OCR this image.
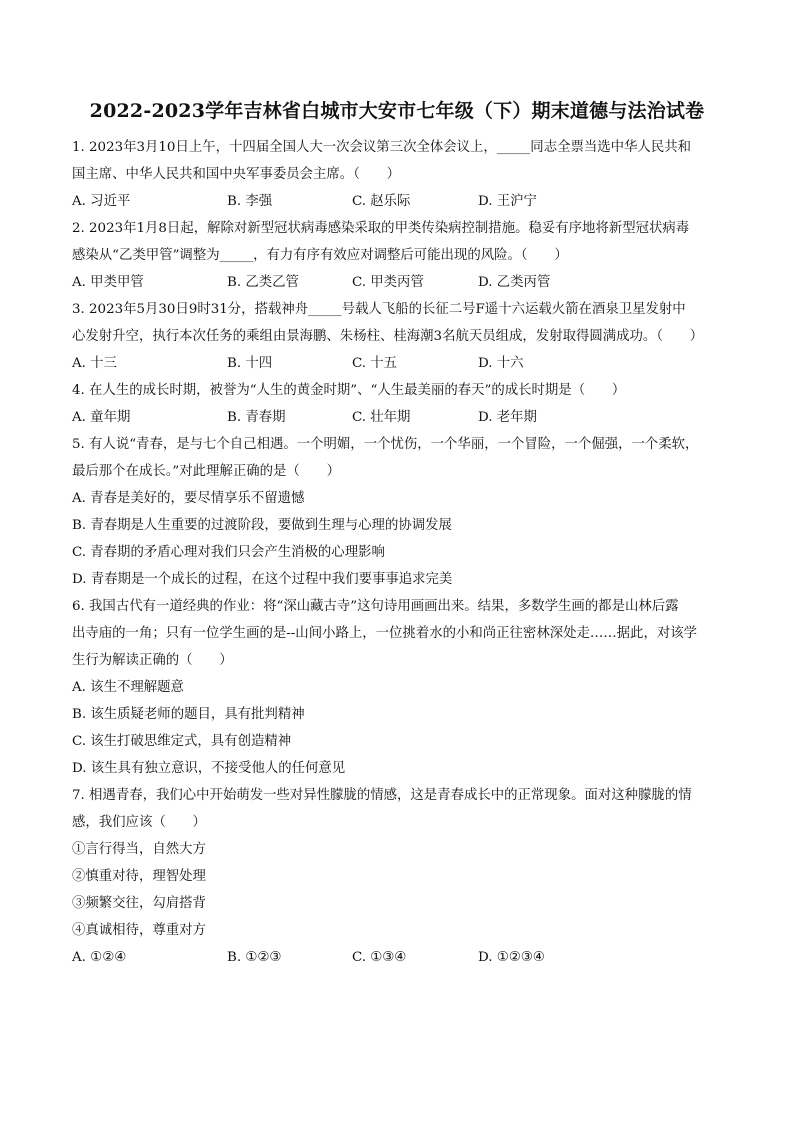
2022-2023学年吉林省白城市大安市七年级（下）期末道德与法治试卷
1. 2023年3月10日上午，十四届全国人大一次会议第三次全体会议上，_____同志全票当选中华人民共和
国主席、中华人民共和国中央军事委员会主席。（　　）
A. 习近平	B. 李强	C. 赵乐际	D. 王沪宁
2. 2023年1月8日起，解除对新型冠状病毒感染采取的甲类传染病控制措施。稳妥有序地将新型冠状病毒
感染从“乙类甲管”调整为_____，有力有序有效应对调整后可能出现的风险。（　　）
A. 甲类甲管	B. 乙类乙管	C. 甲类丙管	D. 乙类丙管
3. 2023年5月30日9时31分，搭载神舟_____号载人飞船的长征二号F遥十六运载火箭在酒泉卫星发射中
心发射升空，执行本次任务的乘组由景海鹏、朱杨柱、桂海潮3名航天员组成，发射取得圆满成功。（　　）
A. 十三	B. 十四	C. 十五	D. 十六
4. 在人生的成长时期，被誉为“人生的黄金时期”、“人生最美丽的春天”的成长时期是（　　）
A. 童年期	B. 青春期	C. 壮年期	D. 老年期
5. 有人说“青春，是与七个自己相遇。一个明媚，一个忧伤，一个华丽，一个冒险，一个倔强，一个柔软，
最后那个在成长。”对此理解正确的是（　　）
A. 青春是美好的，要尽情享乐不留遗憾
B. 青春期是人生重要的过渡阶段，要做到生理与心理的协调发展
C. 青春期的矛盾心理对我们只会产生消极的心理影响
D. 青春期是一个成长的过程，在这个过程中我们要事事追求完美
6. 我国古代有一道经典的作业：将“深山藏古寺”这句诗用画画出来。结果，多数学生画的都是山林后露
出寺庙的一角；只有一位学生画的是--山间小路上，一位挑着水的小和尚正往密林深处走……据此，对该学
生行为解读正确的（　　）
A. 该生不理解题意
B. 该生质疑老师的题目，具有批判精神
C. 该生打破思维定式，具有创造精神
D. 该生具有独立意识，不接受他人的任何意见
7. 相遇青春，我们心中开始萌发一些对异性朦胧的情感，这是青春成长中的正常现象。面对这种朦胧的情
感，我们应该（　　）
①言行得当，自然大方
②慎重对待，理智处理
③频繁交往，勾肩搭背
④真诚相待，尊重对方
A. ①②④	B. ①②③	C. ①③④	D. ①②③④
